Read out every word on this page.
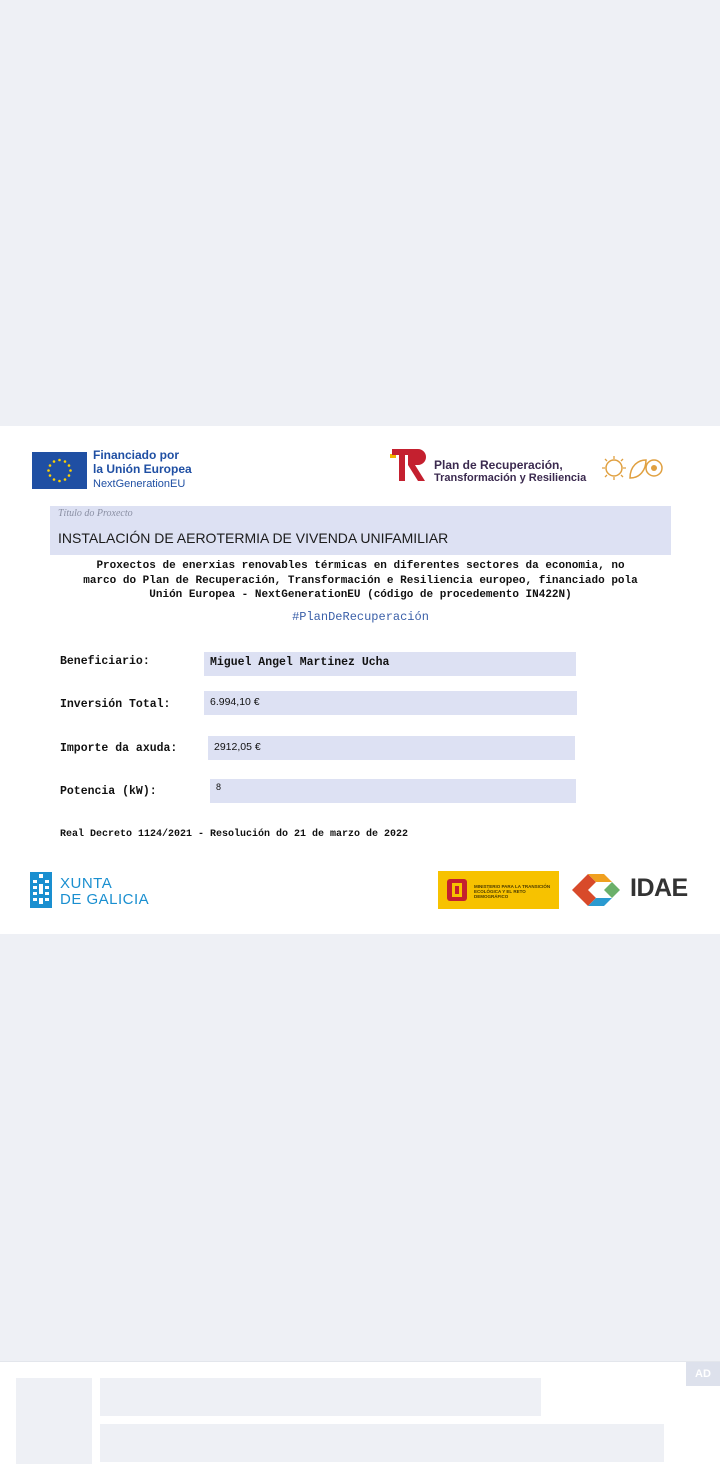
Financiado por
la Unión Europea
NextGenerationEU
Plan de Recuperación,
Transformación y Resiliencia
Título do Proxecto
INSTALACIÓN DE AEROTERMIA DE VIVENDA UNIFAMILIAR
Proxectos de enerxias renovables térmicas en diferentes sectores da economia, no
marco do Plan de Recuperación, Transformación e Resiliencia europeo, financiado pola
Unión Europea - NextGenerationEU (código de procedemento IN422N)
#PlanDeRecuperación
Beneficiario:	Miguel Angel Martinez Ucha
Inversión Total:	6.994,10 €
Importe da axuda:	2912,05 €
Potencia (kW):	8
Real Decreto 1124/2021 - Resolución do 21 de marzo de 2022
XUNTA
DE GALICIA
MINISTERIO PARA LA TRANSICIÓN ECOLÓGICA Y EL RETO DEMOGRÁFICO	IDAE
AD
